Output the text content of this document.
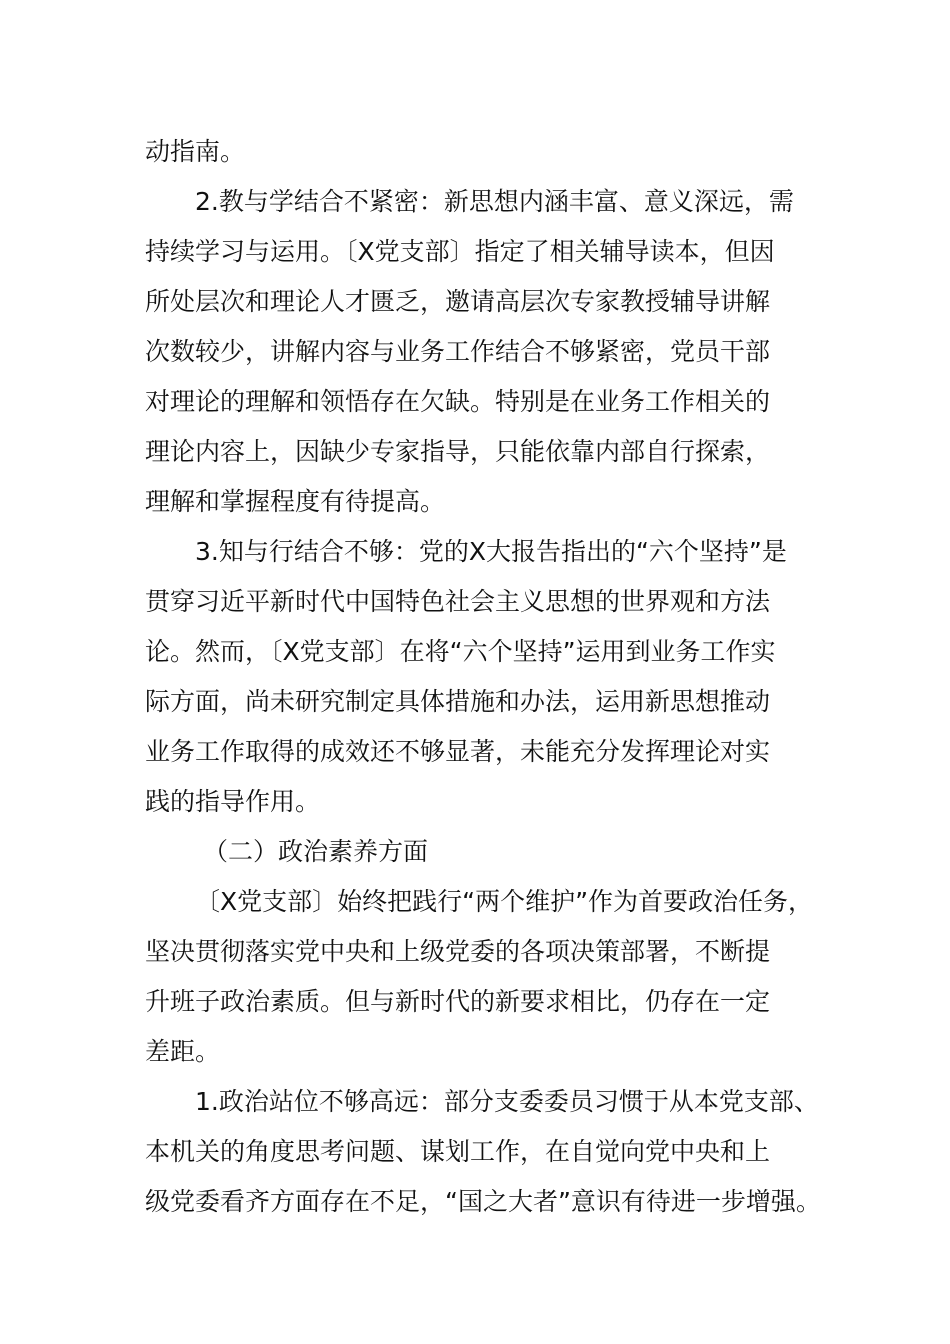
动指南。
2.教与学结合不紧密：新思想内涵丰富、意义深远，需
持续学习与运用。〔X党支部〕指定了相关辅导读本，但因
所处层次和理论人才匮乏，邀请高层次专家教授辅导讲解
次数较少，讲解内容与业务工作结合不够紧密，党员干部
对理论的理解和领悟存在欠缺。特别是在业务工作相关的
理论内容上，因缺少专家指导，只能依靠内部自行探索，
理解和掌握程度有待提高。
3.知与行结合不够：党的X大报告指出的“六个坚持”是
贯穿习近平新时代中国特色社会主义思想的世界观和方法
论。然而，〔X党支部〕在将“六个坚持”运用到业务工作实
际方面，尚未研究制定具体措施和办法，运用新思想推动
业务工作取得的成效还不够显著，未能充分发挥理论对实
践的指导作用。
（二）政治素养方面
〔X党支部〕始终把践行“两个维护”作为首要政治任务，
坚决贯彻落实党中央和上级党委的各项决策部署，不断提
升班子政治素质。但与新时代的新要求相比，仍存在一定
差距。
1.政治站位不够高远：部分支委委员习惯于从本党支部、
本机关的角度思考问题、谋划工作，在自觉向党中央和上
级党委看齐方面存在不足，“国之大者”意识有待进一步增强。
